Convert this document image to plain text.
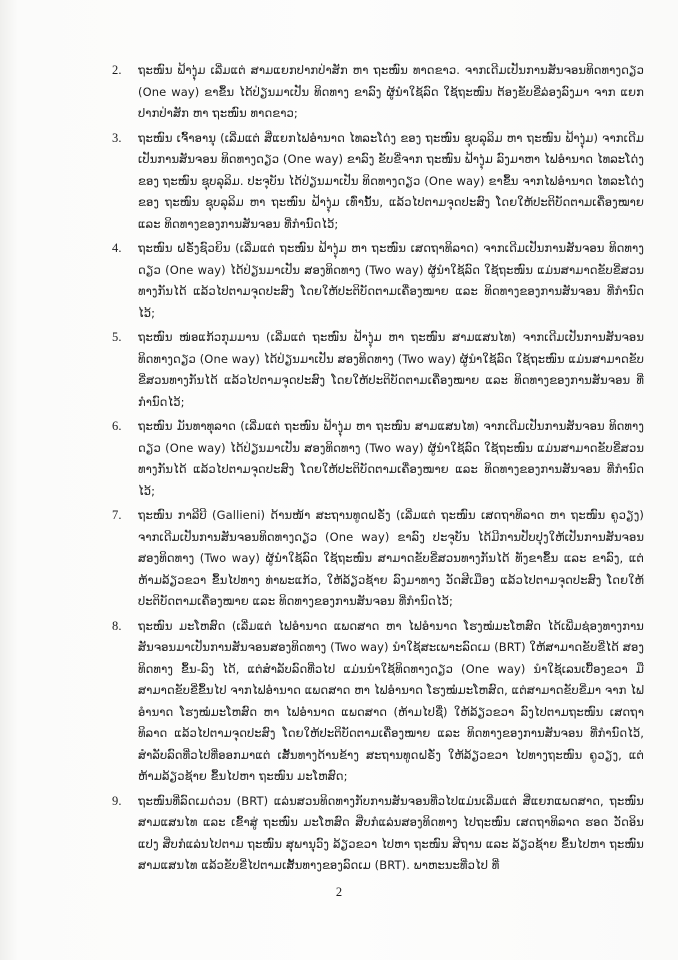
2. ຖະໜົນ ຟ້າງຸ່ມ ເລີ່ມແຕ່ ສາມແຍກປາກປ່າສັກ ຫາ ຖະໜົນ ທາດຂາວ. ຈາກເດີມເປັນການສັນຈອນທິດທາງດຽວ (One way) ຂາຂຶ້ນ ໄດ້ປ່ຽນມາເປັນ ທິດທາງ ຂາລົງ ຜູ້ນຳໃຊ້ລົດ ໃຊ້ຖະໜົນ ຕ້ອງຂັບຂີ່ລ່ອງລົງມາ ຈາກ ແຍກປາກປ່າສັກ ຫາ ຖະໜົນ ທາດຂາວ;
3. ຖະໜົນ ເຈົ້າອານຸ (ເລີ່ມແຕ່ ສີ່ແຍກໄຟອຳນາດ ໄທລະໂດ່ງ ຂອງ ຖະໜົນ ຊຸບລຸລິມ ຫາ ຖະໜົນ ຟ້າງຸ່ມ) ຈາກເດີມເປັນການສັນຈອນ ທິດທາງດຽວ (One way) ຂາລົງ ຂັບຂີ່ຈາກ ຖະໜົນ ຟ້າງຸ່ມ ລົງມາຫາ ໄຟອຳນາດ ໄທລະໂດ່ງ ຂອງ ຖະໜົນ ຊຸບລຸລິມ. ປະຈຸບັນ ໄດ້ປ່ຽນມາເປັນ ທິດທາງດຽວ (One way) ຂາຂຶ້ນ ຈາກໄຟອຳນາດ ໄທລະໂດ່ງ ຂອງ ຖະໜົນ ຊຸບລຸລິມ ຫາ ຖະໜົນ ຟ້າງຸ່ມ ເທົ່ານັ້ນ, ແລ້ວໄປຕາມຈຸດປະສົງ ໂດຍໃຫ້ປະຕິບັດຕາມເຄື່ອງໝາຍ ແລະ ທິດທາງຂອງການສັນຈອນ ທີ່ກຳນົດໄວ້;
4. ຖະໜົນ ຝຣັ່ງຊົວຍິນ (ເລີ່ມແຕ່ ຖະໜົນ ຟ້າງຸ່ມ ຫາ ຖະໜົນ ເສດຖາທິລາດ) ຈາກເດີມເປັນການສັນຈອນ ທິດທາງດຽວ (One way) ໄດ້ປ່ຽນມາເປັນ ສອງທິດທາງ (Two way) ຜູ້ນຳໃຊ້ລົດ ໃຊ້ຖະໜົນ ແມ່ນສາມາດຂັບຂີ່ສວນທາງກັນໄດ້ ແລ້ວໄປຕາມຈຸດປະສົງ ໂດຍໃຫ້ປະຕິບັດຕາມເຄື່ອງໝາຍ ແລະ ທິດທາງຂອງການສັນຈອນ ທີ່ກຳນົດໄວ້;
5. ຖະໜົນ ໜ່ອແກ້ວກຸມມານ (ເລີ່ມແຕ່ ຖະໜົນ ຟ້າງຸ່ມ ຫາ ຖະໜົນ ສາມແສນໄທ) ຈາກເດີມເປັນການສັນຈອນ ທິດທາງດຽວ (One way) ໄດ້ປ່ຽນມາເປັນ ສອງທິດທາງ (Two way) ຜູ້ນຳໃຊ້ລົດ ໃຊ້ຖະໜົນ ແມ່ນສາມາດຂັບຂີ່ສວນທາງກັນໄດ້ ແລ້ວໄປຕາມຈຸດປະສົງ ໂດຍໃຫ້ປະຕິບັດຕາມເຄື່ອງໝາຍ ແລະ ທິດທາງຂອງການສັນຈອນ ທີ່ກຳນົດໄວ້;
6. ຖະໜົນ ມັນທາທຸລາດ (ເລີ່ມແຕ່ ຖະໜົນ ຟ້າງຸ່ມ ຫາ ຖະໜົນ ສາມແສນໄທ) ຈາກເດີມເປັນການສັນຈອນ ທິດທາງດຽວ (One way) ໄດ້ປ່ຽນມາເປັນ ສອງທິດທາງ (Two way) ຜູ້ນຳໃຊ້ລົດ ໃຊ້ຖະໜົນ ແມ່ນສາມາດຂັບຂີ່ສວນທາງກັນໄດ້ ແລ້ວໄປຕາມຈຸດປະສົງ ໂດຍໃຫ້ປະຕິບັດຕາມເຄື່ອງໝາຍ ແລະ ທິດທາງຂອງການສັນຈອນ ທີ່ກຳນົດໄວ້;
7. ຖະໜົນ ກາລີບີ (Gallieni) ດ້ານໜ້າ ສະຖານທູດຝຣັ່ງ (ເລີ່ມແຕ່ ຖະໜົນ ເສດຖາທິລາດ ຫາ ຖະໜົນ ຄູວຽງ) ຈາກເດີມເປັນການສັນຈອນທິດທາງດຽວ (One way) ຂາລົງ ປະຈຸບັນ ໄດ້ມີການປັບປຸງໃຫ້ເປັນການສັນຈອນສອງທິດທາງ (Two way) ຜູ້ນຳໃຊ້ລົດ ໃຊ້ຖະໜົນ ສາມາດຂັບຂີ່ສວນທາງກັນໄດ້ ທັງຂາຂຶ້ນ ແລະ ຂາລົງ, ແຕ່ ຫ້າມລ້ຽວຂວາ ຂຶ້ນໄປທາງ ທ່າພະແກ້ວ, ໃຫ້ລ້ຽວຊ້າຍ ລົງມາທາງ ວັດສີເມືອງ ແລ້ວໄປຕາມຈຸດປະສົງ ໂດຍໃຫ້ປະຕິບັດຕາມເຄື່ອງໝາຍ ແລະ ທິດທາງຂອງການສັນຈອນ ທີ່ກຳນົດໄວ້;
8. ຖະໜົນ ມະໂຫສົດ (ເລີ່ມແຕ່ ໄຟອຳນາດ ແພດສາດ ຫາ ໄຟອຳນາດ ໂຮງໝໍມະໂຫສົດ ໄດ້ເພີ່ມຊ່ອງທາງການສັນຈອນມາເປັນການສັນຈອນສອງທິດທາງ (Two way) ນຳໃຊ້ສະເພາະລົດເມ (BRT) ໃຫ້ສາມາດຂັບຂີ່ໄດ້ ສອງທິດທາງ ຂຶ້ນ-ລົງ ໄດ້, ແຕ່ສຳລັບລົດທີ່ວໄປ ແມ່ນນຳໃຊ້ທິດທາງດຽວ (One way) ນຳໃຊ້ເລນເບື້ອງຂວາ ມື ສາມາດຂັບຂີ່ຂຶ້ນໄປ ຈາກໄຟອຳນາດ ແພດສາດ ຫາ ໄຟອຳນາດ ໂຮງໝໍມະໂຫສົດ, ແຕ່ສາມາດຂັບຂີ່ມາ ຈາກ ໄຟອຳນາດ ໂຮງໝໍມະໂຫສົດ ຫາ ໄຟອຳນາດ ແພດສາດ (ຫ້າມໄປຊື່) ໃຫ້ລ້ຽວຂວາ ລົງໄປຕາມຖະໜົນ ເສດຖາທິລາດ ແລ້ວໄປຕາມຈຸດປະສົງ ໂດຍໃຫ້ປະຕິບັດຕາມເຄື່ອງໝາຍ ແລະ ທິດທາງຂອງການສັນຈອນ ທີ່ກຳນົດໄວ້, ສຳລັບລົດທີ່ວໄປທີ່ອອກມາແຕ່ ເສັ້ນທາງດ້ານຂ້າງ ສະຖານທູດຝຣັ່ງ ໃຫ້ລ້ຽວຂວາ ໄປທາງຖະໜົນ ຄູວຽງ, ແຕ່ ຫ້າມລ້ຽວຊ້າຍ ຂຶ້ນໄປຫາ ຖະໜົນ ມະໂຫສົດ;
9. ຖະໜົນທີ່ລົດເມດ່ວນ (BRT) ແລ່ນສວນທິດທາງກັບການສັນຈອນທີ່ວໄປແມ່ນເລີ່ມແຕ່ ສີ່ແຍກແພດສາດ, ຖະໜົນ ສາມແສນໄທ ແລະ ເຂົ້າສູ່ ຖະໜົນ ມະໂຫສົດ ສີ່ບກໍແລ່ນສອງທິດທາງ ໄປຖະໜົນ ເສດຖາທິລາດ ຮອດ ວັດອິນແປງ ສີ່ບກໍແລ່ນໄປຕາມ ຖະໜົນ ສຸພານຸວົງ ລ້ຽວຂວາ ໄປຫາ ຖະໜົນ ສີຖານ ແລະ ລ້ຽວຊ້າຍ ຂຶ້ນໄປຫາ ຖະໜົນ ສາມແສນໄທ ແລ້ວຂັບຂີ່ໄປຕາມເສັ້ນທາງຂອງລົດເມ (BRT). ພາຫະນະທີ່ວໄປ ທີ່
2
